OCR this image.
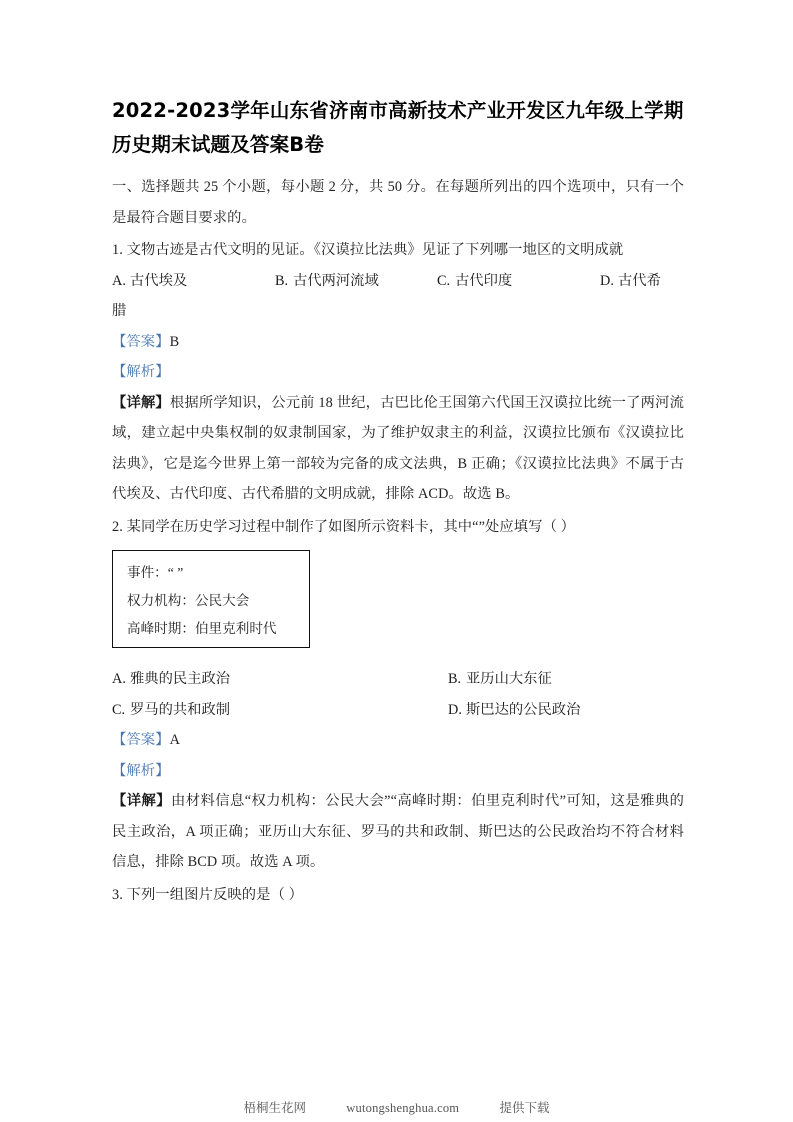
2022-2023学年山东省济南市高新技术产业开发区九年级上学期历史期末试题及答案B卷

一、选择题共 25 个小题，每小题 2 分，共 50 分。在每题所列出的四个选项中，只有一个是最符合题目要求的。

1. 文物古迹是古代文明的见证。《汉谟拉比法典》见证了下列哪一地区的文明成就

A. 古代埃及	B. 古代两河流域	C. 古代印度	D. 古代希
腊

【答案】B

【解析】

【详解】根据所学知识，公元前 18 世纪，古巴比伦王国第六代国王汉谟拉比统一了两河流域，建立起中央集权制的奴隶制国家，为了维护奴隶主的利益，汉谟拉比颁布《汉谟拉比法典》，它是迄今世界上第一部较为完备的成文法典，B 正确；《汉谟拉比法典》不属于古代埃及、古代印度、古代希腊的文明成就，排除 ACD。故选 B。

2. 某同学在历史学习过程中制作了如图所示资料卡，其中“”处应填写（ ）

事件：“ ”
权力机构：公民大会
高峰时期：伯里克利时代
A. 雅典的民主政治	B. 亚历山大东征
C. 罗马的共和政制	D. 斯巴达的公民政治

【答案】A

【解析】

【详解】由材料信息“权力机构：公民大会”“高峰时期：伯里克利时代”可知，这是雅典的民主政治，A 项正确；亚历山大东征、罗马的共和政制、斯巴达的公民政治均不符合材料信息，排除 BCD 项。故选 A 项。

3. 下列一组图片反映的是（ ）

梧桐生花网	wutongshenghua.com	提供下载
